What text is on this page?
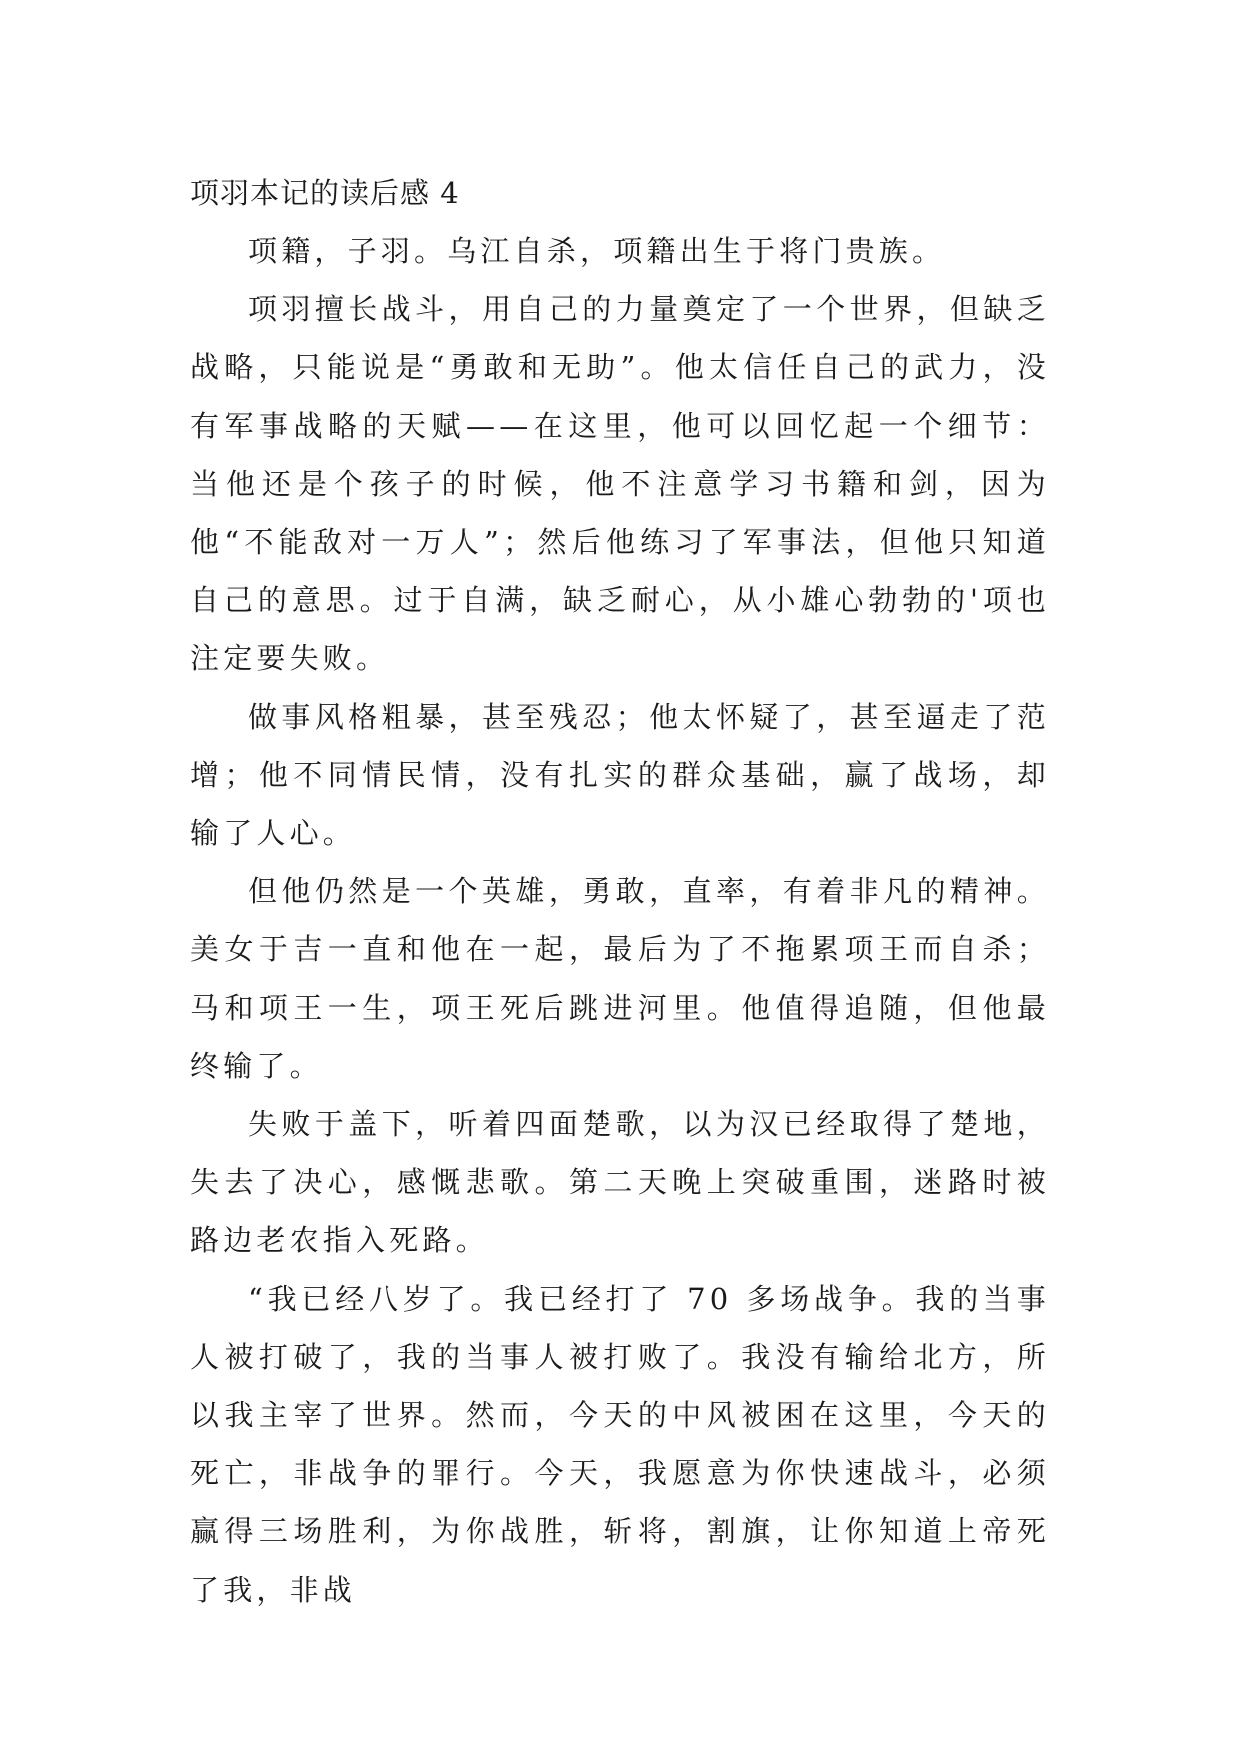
项羽本记的读后感 4

项籍，子羽。乌江自杀，项籍出生于将门贵族。

项羽擅长战斗，用自己的力量奠定了一个世界，但缺乏战略，只能说是“勇敢和无助”。他太信任自己的武力，没有军事战略的天赋——在这里，他可以回忆起一个细节：当他还是个孩子的时候，他不注意学习书籍和剑，因为他“不能敌对一万人”；然后他练习了军事法，但他只知道自己的意思。过于自满，缺乏耐心，从小雄心勃勃的'项也注定要失败。

做事风格粗暴，甚至残忍；他太怀疑了，甚至逼走了范增；他不同情民情，没有扎实的群众基础，赢了战场，却输了人心。

但他仍然是一个英雄，勇敢，直率，有着非凡的精神。美女于吉一直和他在一起，最后为了不拖累项王而自杀；马和项王一生，项王死后跳进河里。他值得追随，但他最终输了。

失败于盖下，听着四面楚歌，以为汉已经取得了楚地，失去了决心，感慨悲歌。第二天晚上突破重围，迷路时被路边老农指入死路。

“我已经八岁了。我已经打了 70 多场战争。我的当事人被打破了，我的当事人被打败了。我没有输给北方，所以我主宰了世界。然而，今天的中风被困在这里，今天的死亡，非战争的罪行。今天，我愿意为你快速战斗，必须赢得三场胜利，为你战胜，斩将，割旗，让你知道上帝死了我，非战
